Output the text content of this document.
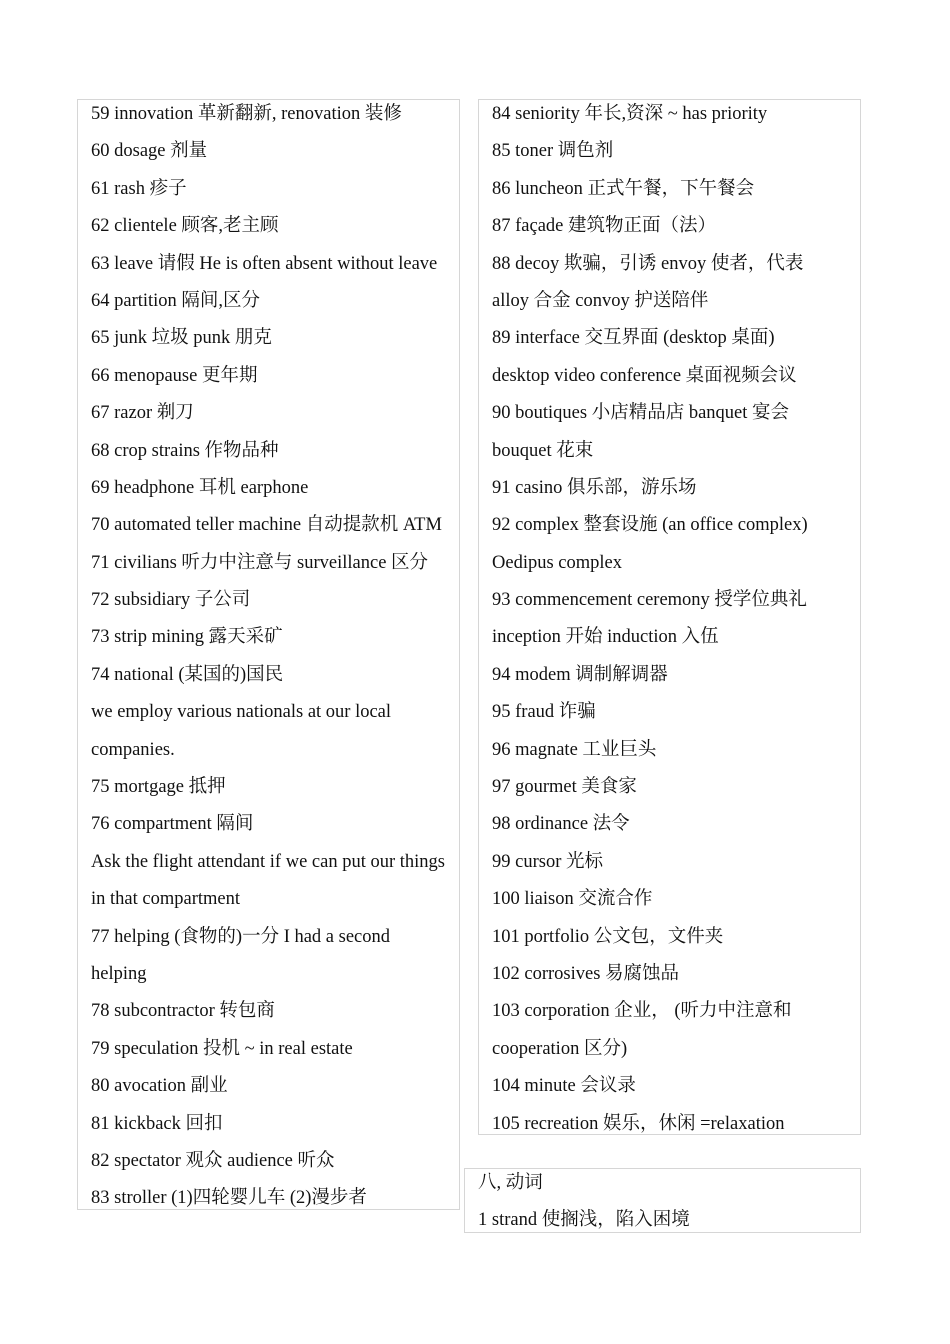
59 innovation 革新翻新, renovation 装修
60 dosage 剂量
61 rash 疹子
62 clientele 顾客,老主顾
63 leave 请假 He is often absent without leave
64 partition 隔间,区分
65 junk 垃圾 punk 朋克
66 menopause 更年期
67 razor 剃刀
68 crop strains 作物品种
69 headphone 耳机 earphone
70 automated teller machine 自动提款机 ATM
71 civilians 听力中注意与 surveillance 区分
72 subsidiary 子公司
73 strip mining 露天采矿
74 national (某国的)国民
we employ various nationals at our local
companies.
75 mortgage 抵押
76 compartment 隔间
Ask the flight attendant if we can put our things
in that compartment
77 helping (食物的)一分 I had a second
helping
78 subcontractor 转包商
79 speculation 投机 ~ in real estate
80 avocation 副业
81 kickback 回扣
82 spectator 观众 audience 听众
83 stroller (1)四轮婴儿车 (2)漫步者
84 seniority 年长,资深 ~ has priority
85 toner 调色剂
86 luncheon 正式午餐，下午餐会
87 façade 建筑物正面（法）
88 decoy 欺骗，引诱 envoy 使者，代表
alloy 合金 convoy 护送陪伴
89 interface 交互界面 (desktop 桌面)
desktop video conference 桌面视频会议
90 boutiques 小店精品店 banquet 宴会
bouquet 花束
91 casino 俱乐部，游乐场
92 complex 整套设施 (an office complex)
Oedipus complex
93 commencement ceremony 授学位典礼
inception 开始 induction 入伍
94 modem 调制解调器
95 fraud 诈骗
96 magnate 工业巨头
97 gourmet 美食家
98 ordinance 法令
99 cursor 光标
100 liaison 交流合作
101 portfolio 公文包，文件夹
102 corrosives 易腐蚀品
103 corporation 企业， (听力中注意和
cooperation 区分)
104 minute 会议录
105 recreation 娱乐，休闲 =relaxation
八, 动词
1 strand 使搁浅，陷入困境
